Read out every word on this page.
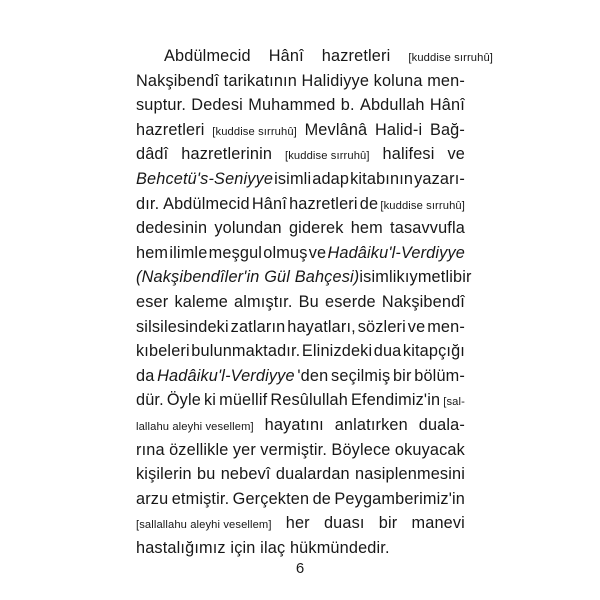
Abdülmecid Hânî hazretleri [kuddise sırruhû]
Nakşibendî tarikatının Halidiyye koluna men-
suptur. Dedesi Muhammed b. Abdullah Hânî
hazretleri [kuddise sırruhû] Mevlânâ Halid-i Bağ-
dâdî hazretlerinin [kuddise sırruhû] halifesi ve
Behcetü's-Seniyye isimli adap kitabının yazarı-
dır. Abdülmecid Hânî hazretleri de [kuddise sırruhû]
dedesinin yolundan giderek hem tasavvufla
hem ilimle meşgul olmuş ve Hadâiku'l-Verdiyye
(Nakşibendîler'in Gül Bahçesi) isimli kıymetli bir
eser kaleme almıştır. Bu eserde Nakşibendî
silsilesindeki zatların hayatları, sözleri ve men-
kıbeleri bulunmaktadır. Elinizdeki dua kitapçığı
da Hadâiku'l-Verdiyye 'den seçilmiş bir bölüm-
dür. Öyle ki müellif Resûlullah Efendimiz'in [sal-
lallahu aleyhi vesellem] hayatını anlatırken duala-
rına özellikle yer vermiştir. Böylece okuyacak
kişilerin bu nebevî dualardan nasiplenmesini
arzu etmiştir. Gerçekten de Peygamberimiz'in
[sallallahu aleyhi vesellem] her duası bir manevi
hastalığımız için ilaç hükmündedir.
6
